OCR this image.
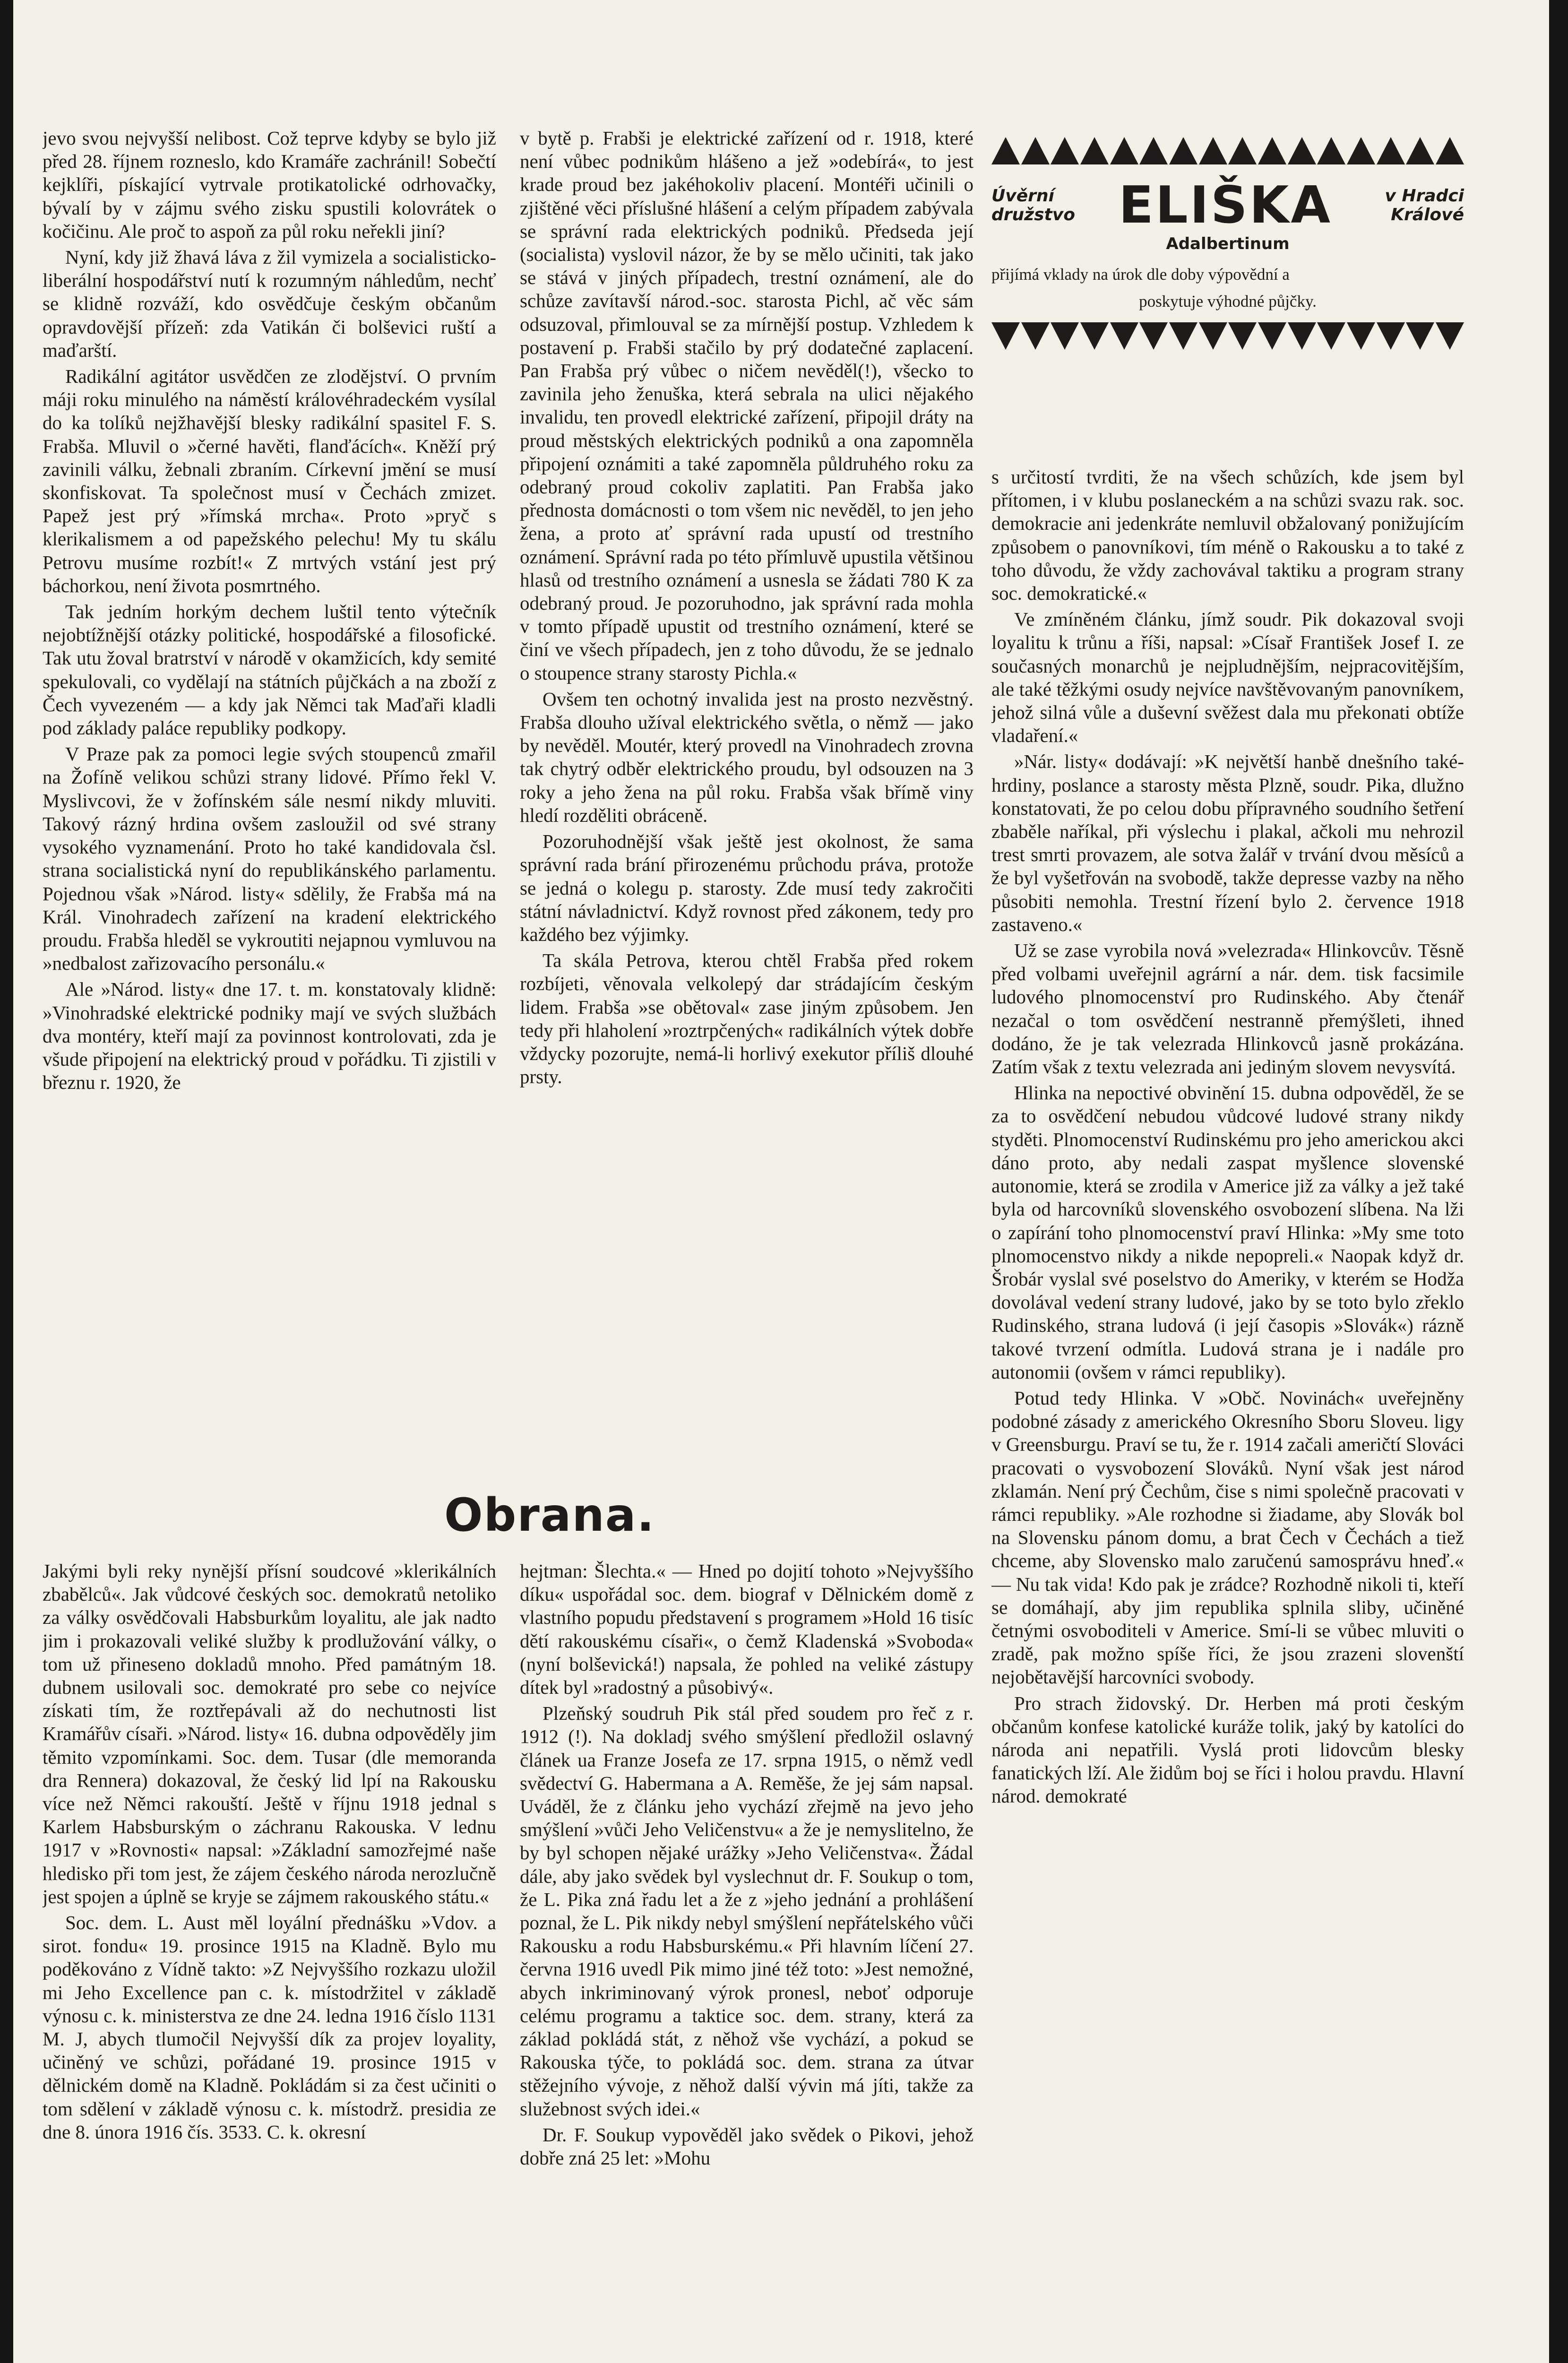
jevo svou nejvyšší nelibost. Což teprve kdyby se bylo již před 28. říjnem rozneslo, kdo Kramáře zachránil! Sobečtí kejklíři, pískající vytrvale protikatolické odrhovačky, bývalí by v zájmu svého zisku spustili kolovrátek o kočičinu. Ale proč to aspoň za půl roku neřekli jiní?

Nyní, kdy již žhavá láva z žil vymizela a socialisticko-liberální hospodářství nutí k rozumným náhledům, nechť se klidně rozváží, kdo osvědčuje českým občanům opravdovější přízeň: zda Vatikán či bolševici ruští a maďarští.

Radikální agitátor usvědčen ze zlodějství. O prvním máji roku minulého na náměstí královéhradeckém vysílal do ka tolíků nejžhavější blesky radikální spasitel F. S. Frabša. Mluvil o »černé havěti, flanďácích«. Kněží prý zavinili válku, žebnali zbraním. Církevní jmění se musí skonfiskovat. Ta společnost musí v Čechách zmizet. Papež jest prý »římská mrcha«. Proto »pryč s klerikalismem a od papežského pelechu! My tu skálu Petrovu musíme rozbít!« Z mrtvých vstání jest prý báchorkou, není života posmrtného.

Tak jedním horkým dechem luštil tento výtečník nejobtížnější otázky politické, hospodářské a filosofické. Tak utu žoval bratrství v národě v okamžicích, kdy semité spekulovali, co vydělají na státních půjčkách a na zboží z Čech vyvezeném — a kdy jak Němci tak Maďaři kladli pod základy paláce republiky podkopy.

V Praze pak za pomoci legie svých stoupenců zmařil na Žofíně velikou schůzi strany lidové. Přímo řekl V. Myslivcovi, že v žofínském sále nesmí nikdy mluviti. Takový rázný hrdina ovšem zasloužil od své strany vysokého vyznamenání. Proto ho také kandidovala čsl. strana socialistická nyní do republikánského parlamentu. Pojednou však »Národ. listy« sdělily, že Frabša má na Král. Vinohradech zařízení na kradení elektrického proudu. Frabša hleděl se vykroutiti nejapnou vymluvou na »nedbalost zařizovacího personálu.«

Ale »Národ. listy« dne 17. t. m. konstatovaly klidně: »Vinohradské elektrické podniky mají ve svých službách dva montéry, kteří mají za povinnost kontrolovati, zda je všude připojení na elektrický proud v pořádku. Ti zjistili v březnu r. 1920, že

v bytě p. Frabši je elektrické zařízení od r. 1918, které není vůbec podnikům hlášeno a jež »odebírá«, to jest krade proud bez jakéhokoliv placení. Montéři učinili o zjištěné věci příslušné hlášení a celým případem zabývala se správní rada elektrických podniků. Předseda její (socialista) vyslovil názor, že by se mělo učiniti, tak jako se stává v jiných případech, trestní oznámení, ale do schůze zavítavší národ.-soc. starosta Pichl, ač věc sám odsuzoval, přimlouval se za mírnější postup. Vzhledem k postavení p. Frabši stačilo by prý dodatečné zaplacení. Pan Frabša prý vůbec o ničem nevěděl(!), všecko to zavinila jeho ženuška, která sebrala na ulici nějakého invalidu, ten provedl elektrické zařízení, připojil dráty na proud městských elektrických podniků a ona zapomněla připojení oznámiti a také zapomněla půldruhého roku za odebraný proud cokoliv zaplatiti. Pan Frabša jako přednosta domácnosti o tom všem nic nevěděl, to jen jeho žena, a proto ať správní rada upustí od trestního oznámení. Správní rada po této přímluvě upustila většinou hlasů od trestního oznámení a usnesla se žádati 780 K za odebraný proud. Je pozoruhodno, jak správní rada mohla v tomto případě upustit od trestního oznámení, které se činí ve všech případech, jen z toho důvodu, že se jednalo o stoupence strany starosty Pichla.«

Ovšem ten ochotný invalida jest na prosto nezvěstný. Frabša dlouho užíval elektrického světla, o němž — jako by nevěděl. Moutér, který provedl na Vinohradech zrovna tak chytrý odběr elektrického proudu, byl odsouzen na 3 roky a jeho žena na půl roku. Frabša však břímě viny hledí rozděliti obráceně.

Pozoruhodnější však ještě jest okolnost, že sama správní rada brání přirozenému průchodu práva, protože se jedná o kolegu p. starosty. Zde musí tedy zakročiti státní návladnictví. Když rovnost před zákonem, tedy pro každého bez výjimky.

Ta skála Petrova, kterou chtěl Frabša před rokem rozbíjeti, věnovala velkolepý dar strádajícím českým lidem. Frabša »se obětoval« zase jiným způsobem. Jen tedy při hlaholení »roztrpčených« radikálních výtek dobře vždycky pozorujte, nemá-li horlivý exekutor příliš dlouhé prsty.

Úvěrní družstvo ELIŠKA	v Hradci Králové
Adalbertinum
přijímá vklady na úrok dle doby výpovědní a
poskytuje výhodné půjčky.

s určitostí tvrditi, že na všech schůzích, kde jsem byl přítomen, i v klubu poslaneckém a na schůzi svazu rak. soc. demokracie ani jedenkráte nemluvil obžalovaný ponižujícím způsobem o panovníkovi, tím méně o Rakousku a to také z toho důvodu, že vždy zachovával taktiku a program strany soc. demokratické.«

Ve zmíněném článku, jímž soudr. Pik dokazoval svoji loyalitu k trůnu a říši, napsal: »Císař František Josef I. ze současných monarchů je nejpludnějším, nejpracovitějším, ale také těžkými osudy nejvíce navštěvovaným panovníkem, jehož silná vůle a duševní svěžest dala mu překonati obtíže vladaření.«

»Nár. listy« dodávají: »K největší hanbě dnešního také-hrdiny, poslance a starosty města Plzně, soudr. Pika, dlužno konstatovati, že po celou dobu přípravného soudního šetření zbaběle naříkal, při výslechu i plakal, ačkoli mu nehrozil trest smrti provazem, ale sotva žalář v trvání dvou měsíců a že byl vyšetřován na svobodě, takže depresse vazby na něho působiti nemohla. Trestní řízení bylo 2. července 1918 zastaveno.«

Už se zase vyrobila nová »velezrada« Hlinkovcův. Těsně před volbami uveřejnil agrární a nár. dem. tisk facsimile ludového plnomocenství pro Rudinského. Aby čtenář nezačal o tom osvědčení nestranně přemýšleti, ihned dodáno, že je tak velezrada Hlinkovců jasně prokázána. Zatím však z textu velezrada ani jediným slovem nevysvítá.

Hlinka na nepoctivé obvinění 15. dubna odpověděl, že se za to osvědčení nebudou vůdcové ludové strany nikdy styděti. Plnomocenství Rudinskému pro jeho americkou akci dáno proto, aby nedali zaspat myšlence slovenské autonomie, která se zrodila v Americe již za války a jež také byla od harcovníků slovenského osvobození slíbena. Na lži o zapírání toho plnomocenství praví Hlinka: »My sme toto plnomocenstvo nikdy a nikde nepopreli.« Naopak když dr. Šrobár vyslal své poselstvo do Ameriky, v kterém se Hodža dovolával vedení strany ludové, jako by se toto bylo zřeklo Rudinského, strana ludová (i její časopis »Slovák«) rázně takové tvrzení odmítla. Ludová strana je i nadále pro autonomii (ovšem v rámci republiky).

Potud tedy Hlinka. V »Obč. Novinách« uveřejněny podobné zásady z amerického Okresního Sboru Sloveu. ligy v Greensburgu. Praví se tu, že r. 1914 začali američtí Slováci pracovati o vysvobození Slováků. Nyní však jest národ zklamán. Není prý Čechům, čise s nimi společně pracovati v rámci republiky. »Ale rozhodne si žiadame, aby Slovák bol na Slovensku pánom domu, a brat Čech v Čechách a tiež chceme, aby Slovensko malo zaručenú samosprávu hneď.« — Nu tak vida! Kdo pak je zrádce? Rozhodně nikoli ti, kteří se domáhají, aby jim republika splnila sliby, učiněné četnými osvoboditeli v Americe. Smí-li se vůbec mluviti o zradě, pak možno spíše říci, že jsou zrazeni slovenští nejobětavější harcovníci svobody.

Pro strach židovský. Dr. Herben má proti českým občanům konfese katolické kuráže tolik, jaký by katolíci do národa ani nepatřili. Vyslá proti lidovcům blesky fanatických lží. Ale židům boj se říci i holou pravdu. Hlavní národ. demokraté

Obrana.

Jakými byli reky nynější přísní soudcové »klerikálních zbabělců«. Jak vůdcové českých soc. demokratů netoliko za války osvědčovali Habsburkům loyalitu, ale jak nadto jim i prokazovali veliké služby k prodlužování války, o tom už přineseno dokladů mnoho. Před památným 18. dubnem usilovali soc. demokraté pro sebe co nejvíce získati tím, že roztřepávali až do nechutnosti list Kramářův císaři. »Národ. listy« 16. dubna odpověděly jim těmito vzpomínkami. Soc. dem. Tusar (dle memoranda dra Rennera) dokazoval, že český lid lpí na Rakousku více než Němci rakouští. Ještě v říjnu 1918 jednal s Karlem Habsburským o záchranu Rakouska. V lednu 1917 v »Rovnosti« napsal: »Základní samozřejmé naše hledisko při tom jest, že zájem českého národa nerozlučně jest spojen a úplně se kryje se zájmem rakouského státu.«

Soc. dem. L. Aust měl loyální přednášku »Vdov. a sirot. fondu« 19. prosince 1915 na Kladně. Bylo mu poděkováno z Vídně takto: »Z Nejvyššího rozkazu uložil mi Jeho Excellence pan c. k. místodržitel v základě výnosu c. k. ministerstva ze dne 24. ledna 1916 číslo 1131 M. J, abych tlumočil Nejvyšší dík za projev loyality, učiněný ve schůzi, pořádané 19. prosince 1915 v dělnickém domě na Kladně. Pokládám si za čest učiniti o tom sdělení v základě výnosu c. k. místodrž. presidia ze dne 8. února 1916 čís. 3533. C. k. okresní

hejtman: Šlechta.« — Hned po dojití tohoto »Nejvyššího díku« uspořádal soc. dem. biograf v Dělnickém domě z vlastního popudu představení s programem »Hold 16 tisíc dětí rakouskému císaři«, o čemž Kladenská »Svoboda« (nyní bolševická!) napsala, že pohled na veliké zástupy dítek byl »radostný a působivý«.

Plzeňský soudruh Pik stál před soudem pro řeč z r. 1912 (!). Na dokladj svého smýšlení předložil oslavný článek ua Franze Josefa ze 17. srpna 1915, o němž vedl svědectví G. Habermana a A. Reměše, že jej sám napsal. Uváděl, že z článku jeho vychází zřejmě na jevo jeho smýšlení »vůči Jeho Veličenstvu« a že je nemyslitelno, že by byl schopen nějaké urážky »Jeho Veličenstva«. Žádal dále, aby jako svědek byl vyslechnut dr. F. Soukup o tom, že L. Pika zná řadu let a že z »jeho jednání a prohlášení poznal, že L. Pik nikdy nebyl smýšlení nepřátelského vůči Rakousku a rodu Habsburskému.« Při hlavním líčení 27. června 1916 uvedl Pik mimo jiné též toto: »Jest nemožné, abych inkriminovaný výrok pronesl, neboť odporuje celému programu a taktice soc. dem. strany, která za základ pokládá stát, z něhož vše vychází, a pokud se Rakouska týče, to pokládá soc. dem. strana za útvar stěžejního vývoje, z něhož další vývin má jíti, takže za služebnost svých idei.«

Dr. F. Soukup vypověděl jako svědek o Pikovi, jehož dobře zná 25 let: »Mohu
